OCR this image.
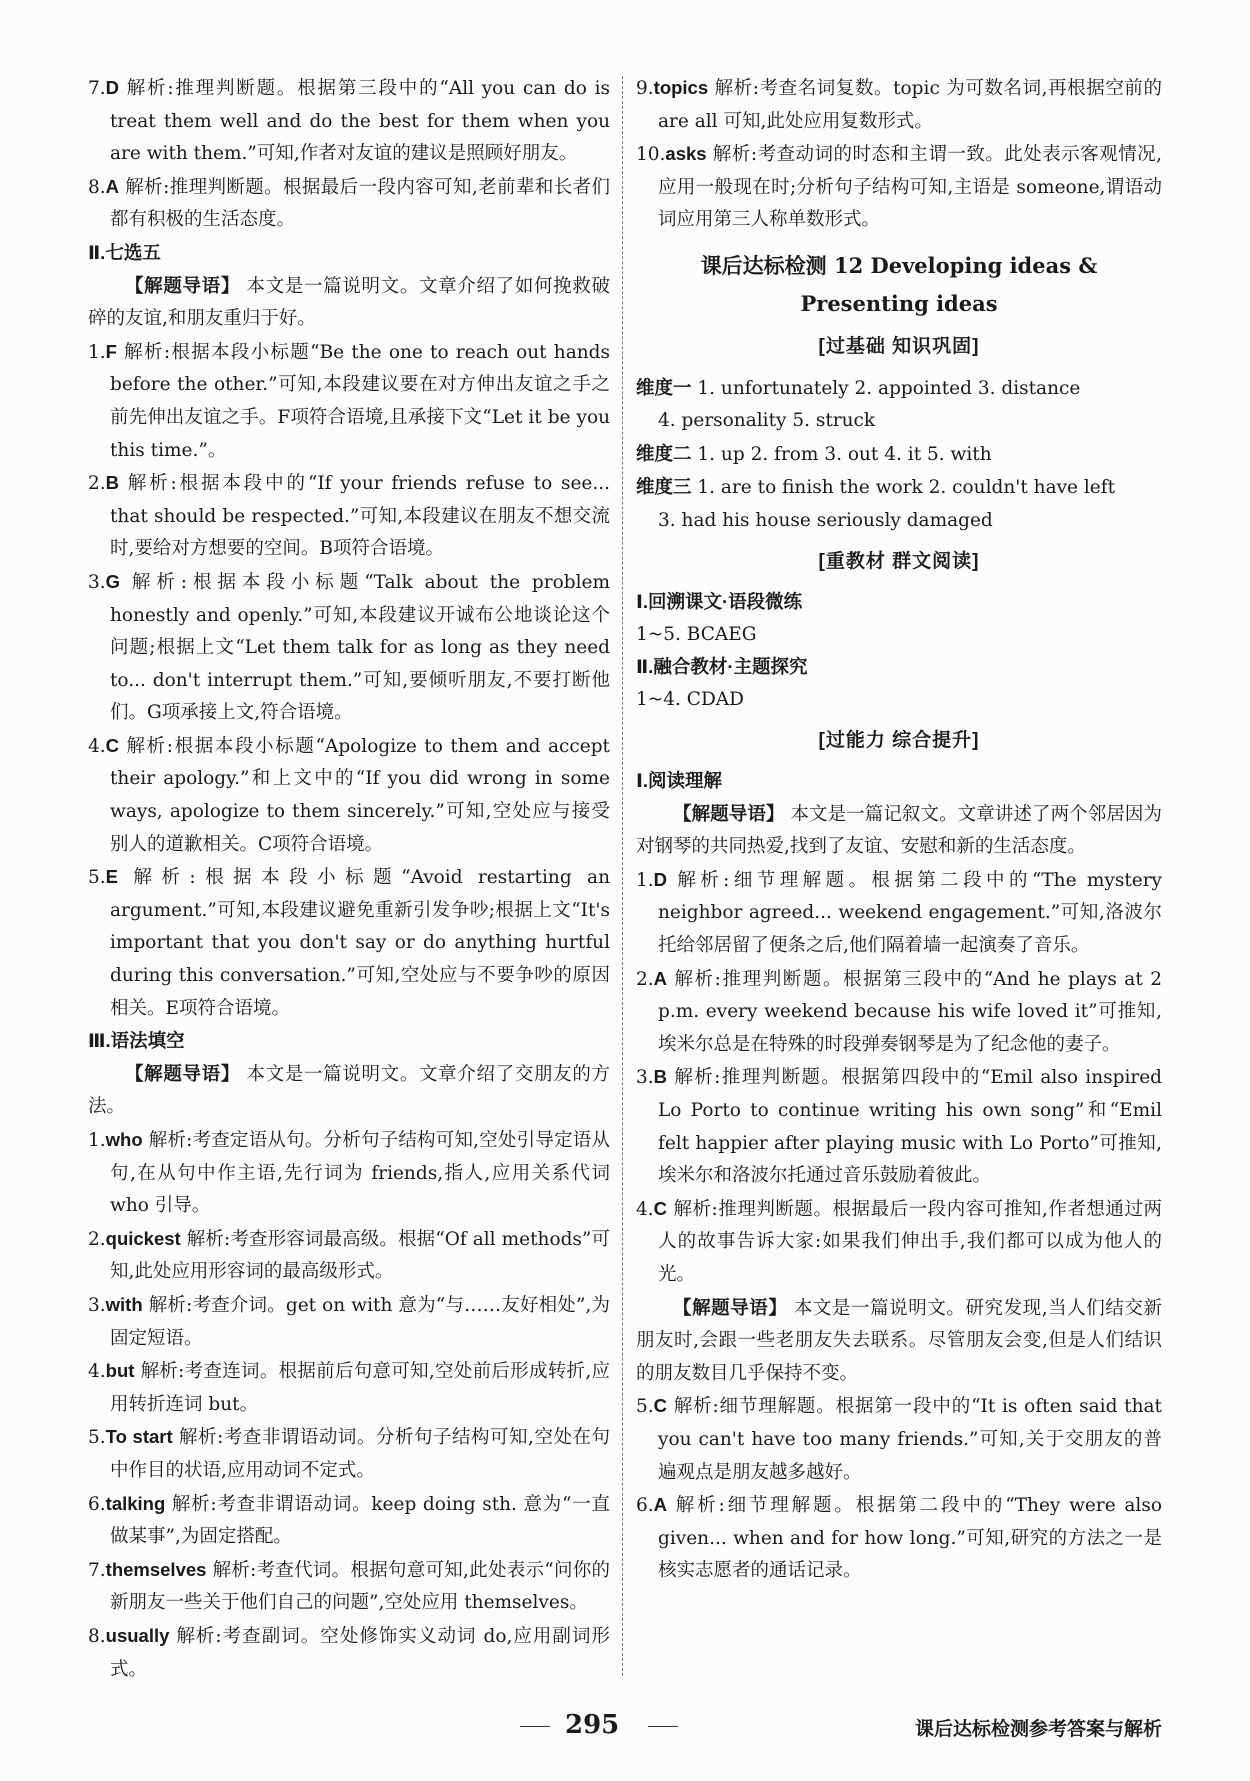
7.D 解析:推理判断题。根据第三段中的“All you can do is treat them well and do the best for them when you are with them.”可知,作者对友谊的建议是照顾好朋友。

8.A 解析:推理判断题。根据最后一段内容可知,老前辈和长者们都有积极的生活态度。

Ⅱ.七选五

【解题导语】 本文是一篇说明文。文章介绍了如何挽救破碎的友谊,和朋友重归于好。

1.F 解析:根据本段小标题“Be the one to reach out hands before the other.”可知,本段建议要在对方伸出友谊之手之前先伸出友谊之手。F项符合语境,且承接下文“Let it be you this time.”。

2.B 解析:根据本段中的“If your friends refuse to see... that should be respected.”可知,本段建议在朋友不想交流时,要给对方想要的空间。B项符合语境。

3.G 解析:根据本段小标题“Talk about the problem honestly and openly.”可知,本段建议开诚布公地谈论这个问题;根据上文“Let them talk for as long as they need to... don't interrupt them.”可知,要倾听朋友,不要打断他们。G项承接上文,符合语境。

4.C 解析:根据本段小标题“Apologize to them and accept their apology.”和上文中的“If you did wrong in some ways, apologize to them sincerely.”可知,空处应与接受别人的道歉相关。C项符合语境。

5.E 解析:根据本段小标题“Avoid restarting an argument.”可知,本段建议避免重新引发争吵;根据上文“It's important that you don't say or do anything hurtful during this conversation.”可知,空处应与不要争吵的原因相关。E项符合语境。

Ⅲ.语法填空

【解题导语】 本文是一篇说明文。文章介绍了交朋友的方法。

1.who 解析:考查定语从句。分析句子结构可知,空处引导定语从句,在从句中作主语,先行词为 friends,指人,应用关系代词 who 引导。

2.quickest 解析:考查形容词最高级。根据“Of all methods”可知,此处应用形容词的最高级形式。

3.with 解析:考查介词。get on with 意为“与……友好相处”,为固定短语。

4.but 解析:考查连词。根据前后句意可知,空处前后形成转折,应用转折连词 but。

5.To start 解析:考查非谓语动词。分析句子结构可知,空处在句中作目的状语,应用动词不定式。

6.talking 解析:考查非谓语动词。keep doing sth. 意为“一直做某事”,为固定搭配。

7.themselves 解析:考查代词。根据句意可知,此处表示“问你的新朋友一些关于他们自己的问题”,空处应用 themselves。

8.usually 解析:考查副词。空处修饰实义动词 do,应用副词形式。

9.topics 解析:考查名词复数。topic 为可数名词,再根据空前的 are all 可知,此处应用复数形式。

10.asks 解析:考查动词的时态和主谓一致。此处表示客观情况,应用一般现在时;分析句子结构可知,主语是 someone,谓语动词应用第三人称单数形式。

课后达标检测 12 Developing ideas &
Presenting ideas

[过基础 知识巩固]

维度一 1. unfortunately 2. appointed 3. distance
4. personality 5. struck
维度二 1. up 2. from 3. out 4. it 5. with
维度三 1. are to finish the work 2. couldn't have left
3. had his house seriously damaged

[重教材 群文阅读]

Ⅰ.回溯课文·语段微练

1~5. BCAEG

Ⅱ.融合教材·主题探究

1~4. CDAD

[过能力 综合提升]

Ⅰ.阅读理解

【解题导语】 本文是一篇记叙文。文章讲述了两个邻居因为对钢琴的共同热爱,找到了友谊、安慰和新的生活态度。

1.D 解析:细节理解题。根据第二段中的“The mystery neighbor agreed... weekend engagement.”可知,洛波尔托给邻居留了便条之后,他们隔着墙一起演奏了音乐。

2.A 解析:推理判断题。根据第三段中的“And he plays at 2 p.m. every weekend because his wife loved it”可推知,埃米尔总是在特殊的时段弹奏钢琴是为了纪念他的妻子。

3.B 解析:推理判断题。根据第四段中的“Emil also inspired Lo Porto to continue writing his own song”和“Emil felt happier after playing music with Lo Porto”可推知,埃米尔和洛波尔托通过音乐鼓励着彼此。

4.C 解析:推理判断题。根据最后一段内容可推知,作者想通过两人的故事告诉大家:如果我们伸出手,我们都可以成为他人的光。

【解题导语】 本文是一篇说明文。研究发现,当人们结交新朋友时,会跟一些老朋友失去联系。尽管朋友会变,但是人们结识的朋友数目几乎保持不变。

5.C 解析:细节理解题。根据第一段中的“It is often said that you can't have too many friends.”可知,关于交朋友的普遍观点是朋友越多越好。

6.A 解析:细节理解题。根据第二段中的“They were also given... when and for how long.”可知,研究的方法之一是核实志愿者的通话记录。

295	课后达标检测参考答案与解析
